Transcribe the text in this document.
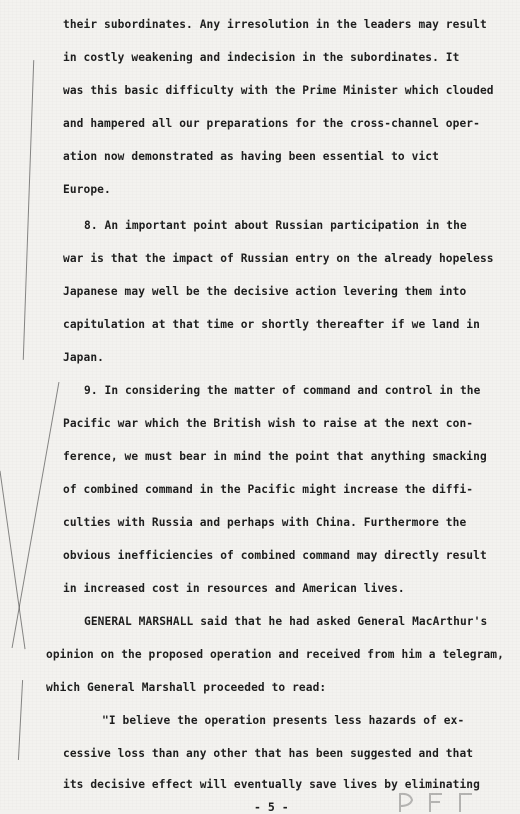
their subordinates. Any irresolution in the leaders may result
in costly weakening and indecision in the subordinates. It
was this basic difficulty with the Prime Minister which clouded
and hampered all our preparations for the cross-channel oper-
ation now demonstrated as having been essential to vict
Europe.
8. An important point about Russian participation in the
war is that the impact of Russian entry on the already hopeless
Japanese may well be the decisive action levering them into
capitulation at that time or shortly thereafter if we land in
Japan.
9. In considering the matter of command and control in the
Pacific war which the British wish to raise at the next con-
ference, we must bear in mind the point that anything smacking
of combined command in the Pacific might increase the diffi-
culties with Russia and perhaps with China. Furthermore the
obvious inefficiencies of combined command may directly result
in increased cost in resources and American lives.
GENERAL MARSHALL said that he had asked General MacArthur's
opinion on the proposed operation and received from him a telegram,
which General Marshall proceeded to read:
"I believe the operation presents less hazards of ex-
cessive loss than any other that has been suggested and that
its decisive effect will eventually save lives by eliminating
- 5 -
